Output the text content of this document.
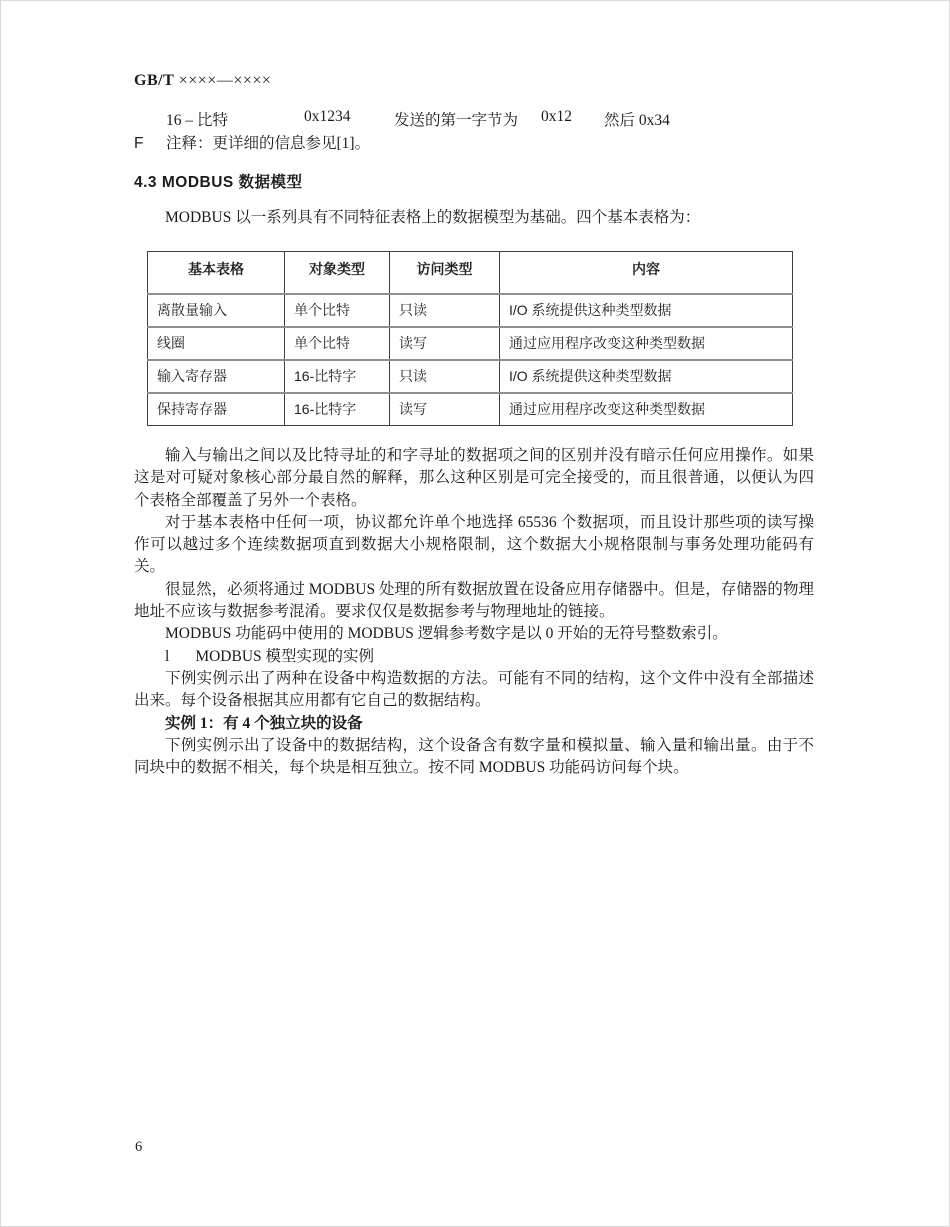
GB/T ××××—××××
16 – 比特	0x1234	发送的第一字节为 0x12 然后 0x34
F 注释：更详细的信息参见[1]。
4.3 MODBUS 数据模型

MODBUS 以一系列具有不同特征表格上的数据模型为基础。四个基本表格为：

基本表格	对象类型	访问类型	内容
离散量输入	单个比特	只读	I/O 系统提供这种类型数据
线圈	单个比特	读写	通过应用程序改变这种类型数据
输入寄存器	16-比特字	只读	I/O 系统提供这种类型数据
保持寄存器	16-比特字	读写	通过应用程序改变这种类型数据

输入与输出之间以及比特寻址的和字寻址的数据项之间的区别并没有暗示任何应用操作。如果这是对可疑对象核心部分最自然的解释，那么这种区别是可完全接受的，而且很普通，以便认为四个表格全部覆盖了另外一个表格。

对于基本表格中任何一项，协议都允许单个地选择 65536 个数据项，而且设计那些项的读写操作可以越过多个连续数据项直到数据大小规格限制，这个数据大小规格限制与事务处理功能码有关。

很显然，必须将通过 MODBUS 处理的所有数据放置在设备应用存储器中。但是，存储器的物理地址不应该与数据参考混淆。要求仅仅是数据参考与物理地址的链接。

MODBUS 功能码中使用的 MODBUS 逻辑参考数字是以 0 开始的无符号整数索引。

l MODBUS 模型实现的实例

下例实例示出了两种在设备中构造数据的方法。可能有不同的结构，这个文件中没有全部描述出来。每个设备根据其应用都有它自己的数据结构。

实例 1：有 4 个独立块的设备

下例实例示出了设备中的数据结构，这个设备含有数字量和模拟量、输入量和输出量。由于不同块中的数据不相关，每个块是相互独立。按不同 MODBUS 功能码访问每个块。

6
